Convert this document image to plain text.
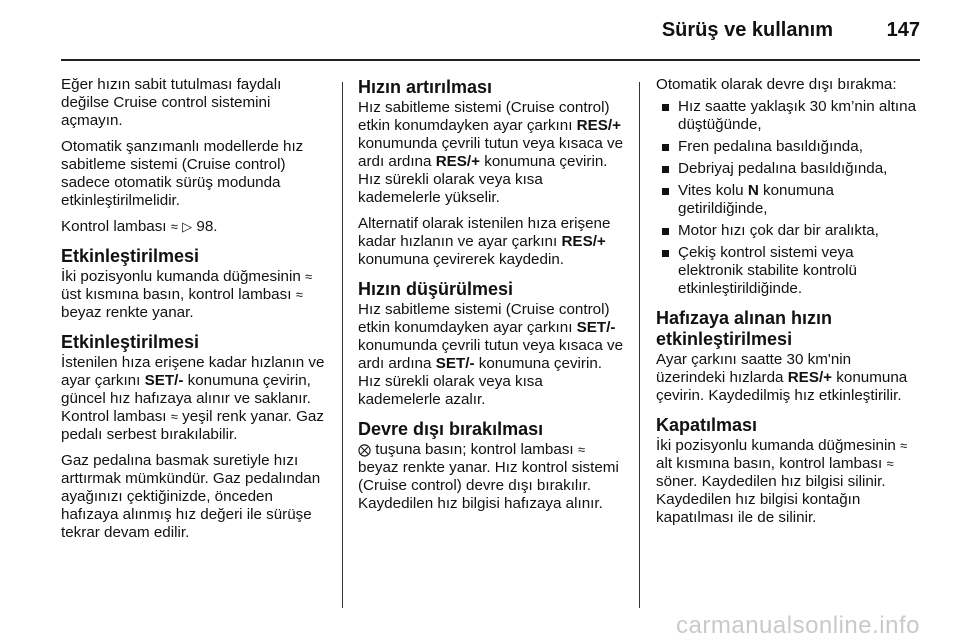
Sürüş ve kullanım	147

Eğer hızın sabit tutulması faydalı değilse Cruise control sistemini açmayın.

Otomatik şanzımanlı modellerde hız sabitleme sistemi (Cruise control) sadece otomatik sürüş modunda etkinleştirilmelidir.

Kontrol lambası ≈ ▷ 98.

Etkinleştirilmesi

İki pozisyonlu kumanda düğmesinin ≈ üst kısmına basın, kontrol lambası ≈ beyaz renkte yanar.

Etkinleştirilmesi

İstenilen hıza erişene kadar hızlanın ve ayar çarkını SET/- konumuna çevirin, güncel hız hafızaya alınır ve saklanır. Kontrol lambası ≈ yeşil renk yanar. Gaz pedalı serbest bırakılabilir.

Gaz pedalına basmak suretiyle hızı arttırmak mümkündür. Gaz pedalından ayağınızı çektiğinizde, önceden hafızaya alınmış hız değeri ile sürüşe tekrar devam edilir.

Hızın artırılması

Hız sabitleme sistemi (Cruise control) etkin konumdayken ayar çarkını RES/+ konumunda çevrili tutun veya kısaca ve ardı ardına RES/+ konumuna çevirin. Hız sürekli olarak veya kısa kademelerle yükselir.

Alternatif olarak istenilen hıza erişene kadar hızlanın ve ayar çarkını RES/+ konumuna çevirerek kaydedin.

Hızın düşürülmesi

Hız sabitleme sistemi (Cruise control) etkin konumdayken ayar çarkını SET/- konumunda çevrili tutun veya kısaca ve ardı ardına SET/- konumuna çevirin. Hız sürekli olarak veya kısa kademelerle azalır.

Devre dışı bırakılması

⨂ tuşuna basın; kontrol lambası ≈ beyaz renkte yanar. Hız kontrol sistemi (Cruise control) devre dışı bırakılır. Kaydedilen hız bilgisi hafızaya alınır.

Otomatik olarak devre dışı bırakma:

Hız saatte yaklaşık 30 km’nin altına düştüğünde,
Fren pedalına basıldığında,
Debriyaj pedalına basıldığında,
Vites kolu N konumuna getirildiğinde,
Motor hızı çok dar bir aralıkta,
Çekiş kontrol sistemi veya elektronik stabilite kontrolü etkinleştirildiğinde.
Hafızaya alınan hızın etkinleştirilmesi

Ayar çarkını saatte 30 km'nin üzerindeki hızlarda RES/+ konumuna çevirin. Kaydedilmiş hız etkinleştirilir.

Kapatılması

İki pozisyonlu kumanda düğmesinin ≈ alt kısmına basın, kontrol lambası ≈ söner. Kaydedilen hız bilgisi silinir. Kaydedilen hız bilgisi kontağın kapatılması ile de silinir.

carmanualsonline.info
